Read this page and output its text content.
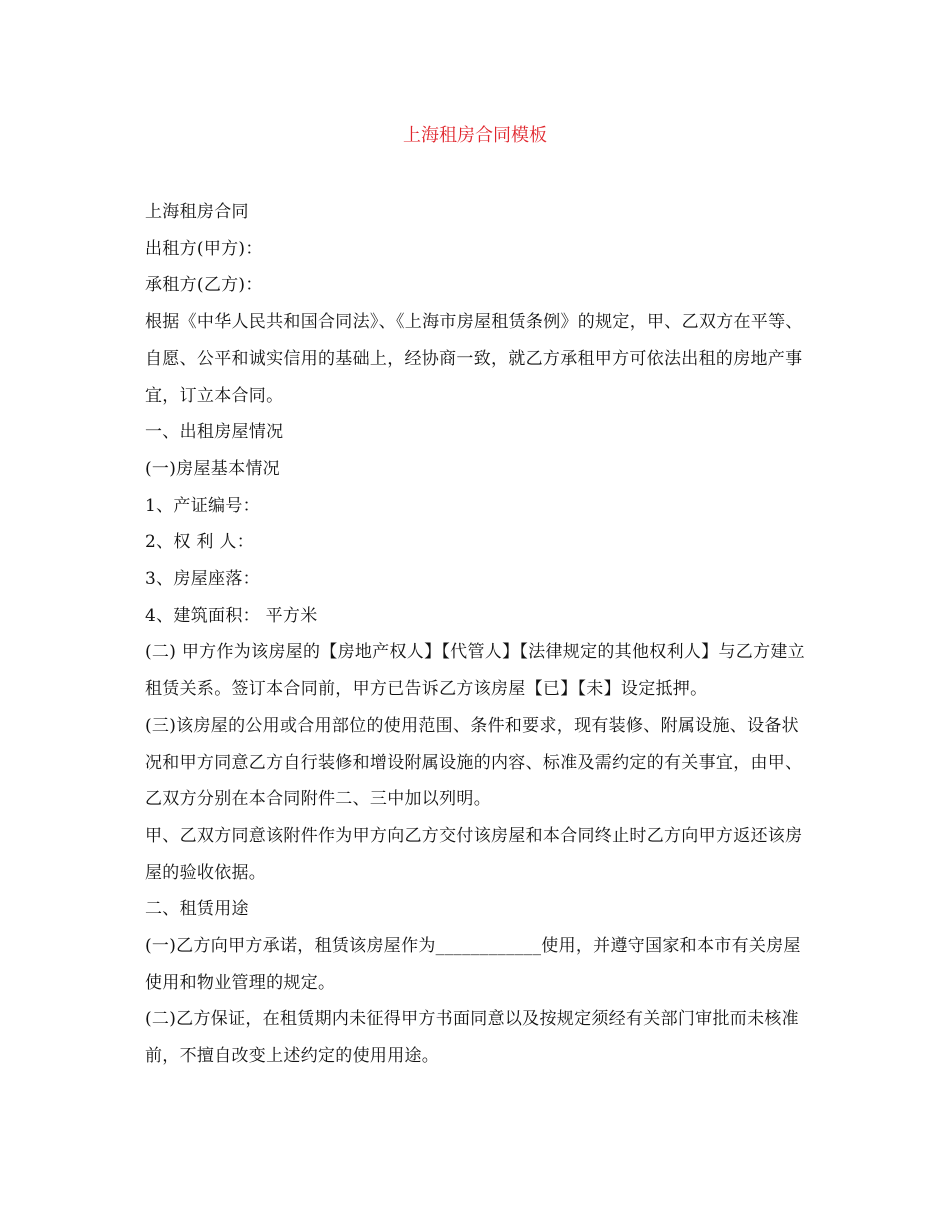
上海租房合同模板

上海租房合同

出租方(甲方)：

承租方(乙方)：

根据《中华人民共和国合同法》、《上海市房屋租赁条例》的规定，甲、乙双方在平等、自愿、公平和诚实信用的基础上，经协商一致，就乙方承租甲方可依法出租的房地产事宜，订立本合同。

一、出租房屋情况

(一)房屋基本情况

1、产证编号：

2、权 利 人：

3、房屋座落：

4、建筑面积： 平方米

(二) 甲方作为该房屋的【房地产权人】【代管人】【法律规定的其他权利人】与乙方建立租赁关系。签订本合同前，甲方已告诉乙方该房屋【已】【未】设定抵押。

(三)该房屋的公用或合用部位的使用范围、条件和要求，现有装修、附属设施、设备状况和甲方同意乙方自行装修和增设附属设施的内容、标准及需约定的有关事宜，由甲、乙双方分别在本合同附件二、三中加以列明。

甲、乙双方同意该附件作为甲方向乙方交付该房屋和本合同终止时乙方向甲方返还该房屋的验收依据。

二、租赁用途

(一)乙方向甲方承诺，租赁该房屋作为____________使用，并遵守国家和本市有关房屋使用和物业管理的规定。

(二)乙方保证，在租赁期内未征得甲方书面同意以及按规定须经有关部门审批而未核准前，不擅自改变上述约定的使用用途。
